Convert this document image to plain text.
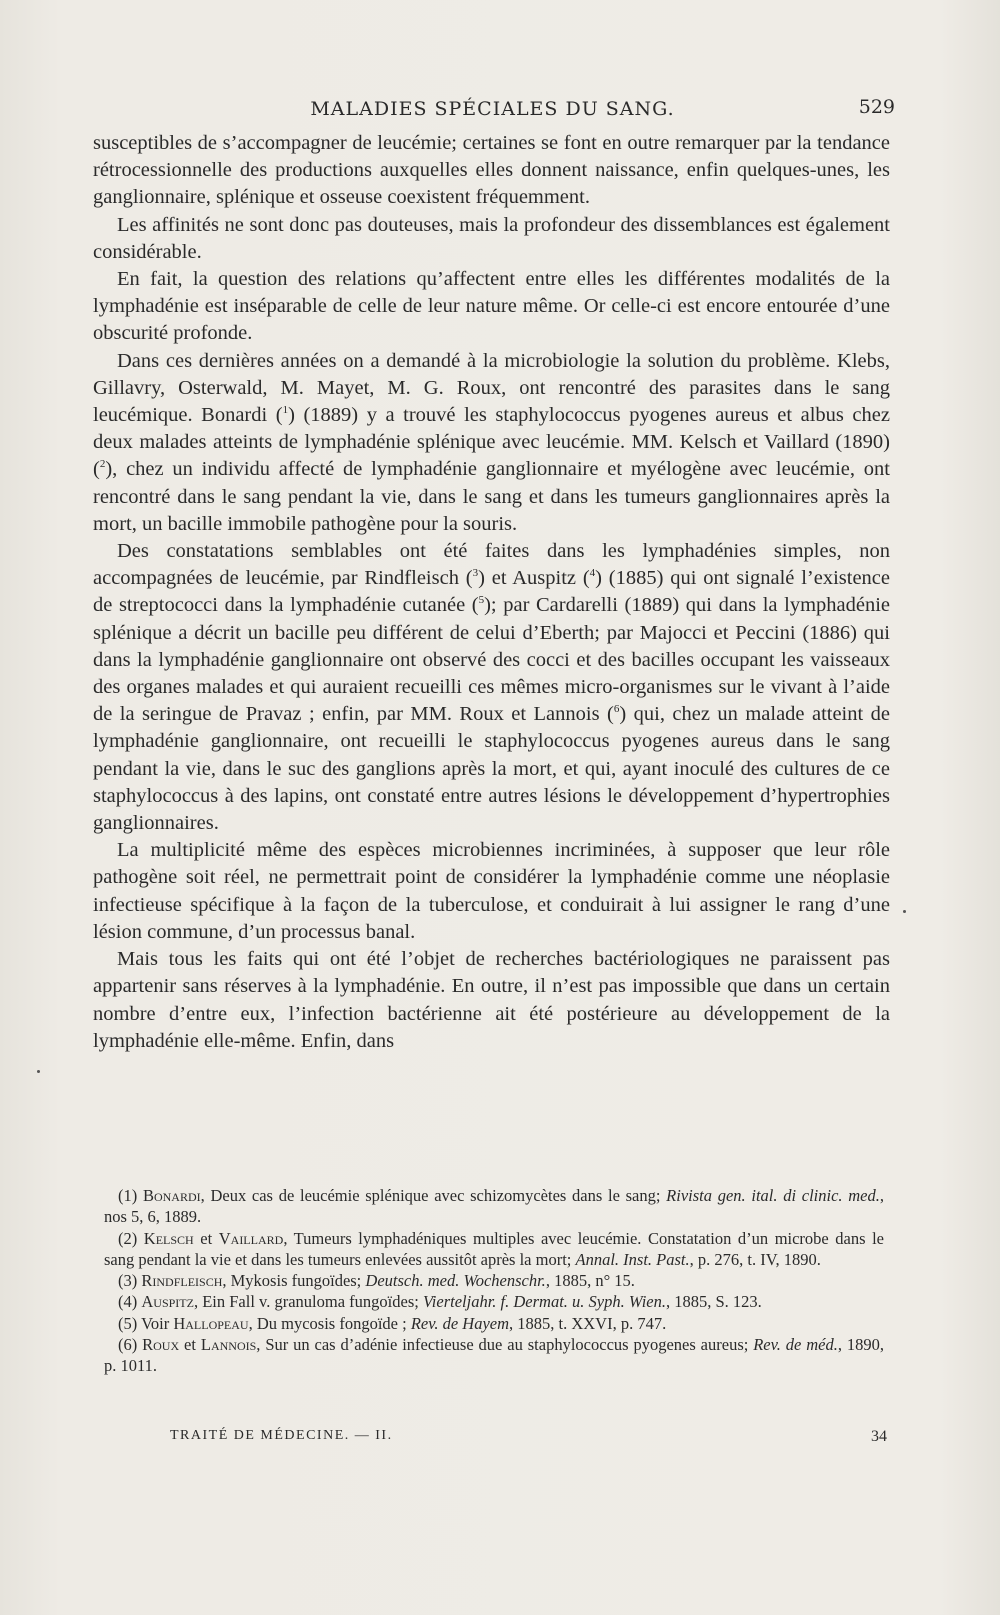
MALADIES SPÉCIALES DU SANG.	529

susceptibles de s’accompagner de leucémie; certaines se font en outre remarquer par la tendance rétrocessionnelle des productions auxquelles elles donnent naissance, enfin quelques-unes, les ganglionnaire, splénique et osseuse coexistent fréquemment.

Les affinités ne sont donc pas douteuses, mais la profondeur des dissemblances est également considérable.

En fait, la question des relations qu’affectent entre elles les différentes modalités de la lymphadénie est inséparable de celle de leur nature même. Or celle-ci est encore entourée d’une obscurité profonde.

Dans ces dernières années on a demandé à la microbiologie la solution du problème. Klebs, Gillavry, Osterwald, M. Mayet, M. G. Roux, ont rencontré des parasites dans le sang leucémique. Bonardi ($^1$) (1889) y a trouvé les staphylococcus pyogenes aureus et albus chez deux malades atteints de lymphadénie splénique avec leucémie. MM. Kelsch et Vaillard (1890) ($^2$), chez un individu affecté de lymphadénie ganglionnaire et myélogène avec leucémie, ont rencontré dans le sang pendant la vie, dans le sang et dans les tumeurs ganglionnaires après la mort, un bacille immobile pathogène pour la souris.

Des constatations semblables ont été faites dans les lymphadénies simples, non accompagnées de leucémie, par Rindfleisch ($^3$) et Auspitz ($^4$) (1885) qui ont signalé l’existence de streptococci dans la lymphadénie cutanée ($^5$); par Cardarelli (1889) qui dans la lymphadénie splénique a décrit un bacille peu différent de celui d’Eberth; par Majocci et Peccini (1886) qui dans la lymphadénie ganglionnaire ont observé des cocci et des bacilles occupant les vaisseaux des organes malades et qui auraient recueilli ces mêmes micro-organismes sur le vivant à l’aide de la seringue de Pravaz ; enfin, par MM. Roux et Lannois ($^6$) qui, chez un malade atteint de lymphadénie ganglionnaire, ont recueilli le staphylococcus pyogenes aureus dans le sang pendant la vie, dans le suc des ganglions après la mort, et qui, ayant inoculé des cultures de ce staphylococcus à des lapins, ont constaté entre autres lésions le développement d’hypertrophies ganglionnaires.

La multiplicité même des espèces microbiennes incriminées, à supposer que leur rôle pathogène soit réel, ne permettrait point de considérer la lymphadénie comme une néoplasie infectieuse spécifique à la façon de la tuberculose, et conduirait à lui assigner le rang d’une lésion commune, d’un processus banal.

Mais tous les faits qui ont été l’objet de recherches bactériologiques ne paraissent pas appartenir sans réserves à la lymphadénie. En outre, il n’est pas impossible que dans un certain nombre d’entre eux, l’infection bactérienne ait été postérieure au développement de la lymphadénie elle-même. Enfin, dans

(1) Bonardi, Deux cas de leucémie splénique avec schizomycètes dans le sang; Rivista gen. ital. di clinic. med., nos 5, 6, 1889.

(2) Kelsch et Vaillard, Tumeurs lymphadéniques multiples avec leucémie. Constatation d’un microbe dans le sang pendant la vie et dans les tumeurs enlevées aussitôt après la mort; Annal. Inst. Past., p. 276, t. IV, 1890.

(3) Rindfleisch, Mykosis fungoïdes; Deutsch. med. Wochenschr., 1885, n° 15.

(4) Auspitz, Ein Fall v. granuloma fungoïdes; Vierteljahr. f. Dermat. u. Syph. Wien., 1885, S. 123.

(5) Voir Hallopeau, Du mycosis fongoïde ; Rev. de Hayem, 1885, t. XXVI, p. 747.

(6) Roux et Lannois, Sur un cas d’adénie infectieuse due au staphylococcus pyogenes aureus; Rev. de méd., 1890, p. 1011.

TRAITÉ DE MÉDECINE. — II.	34
